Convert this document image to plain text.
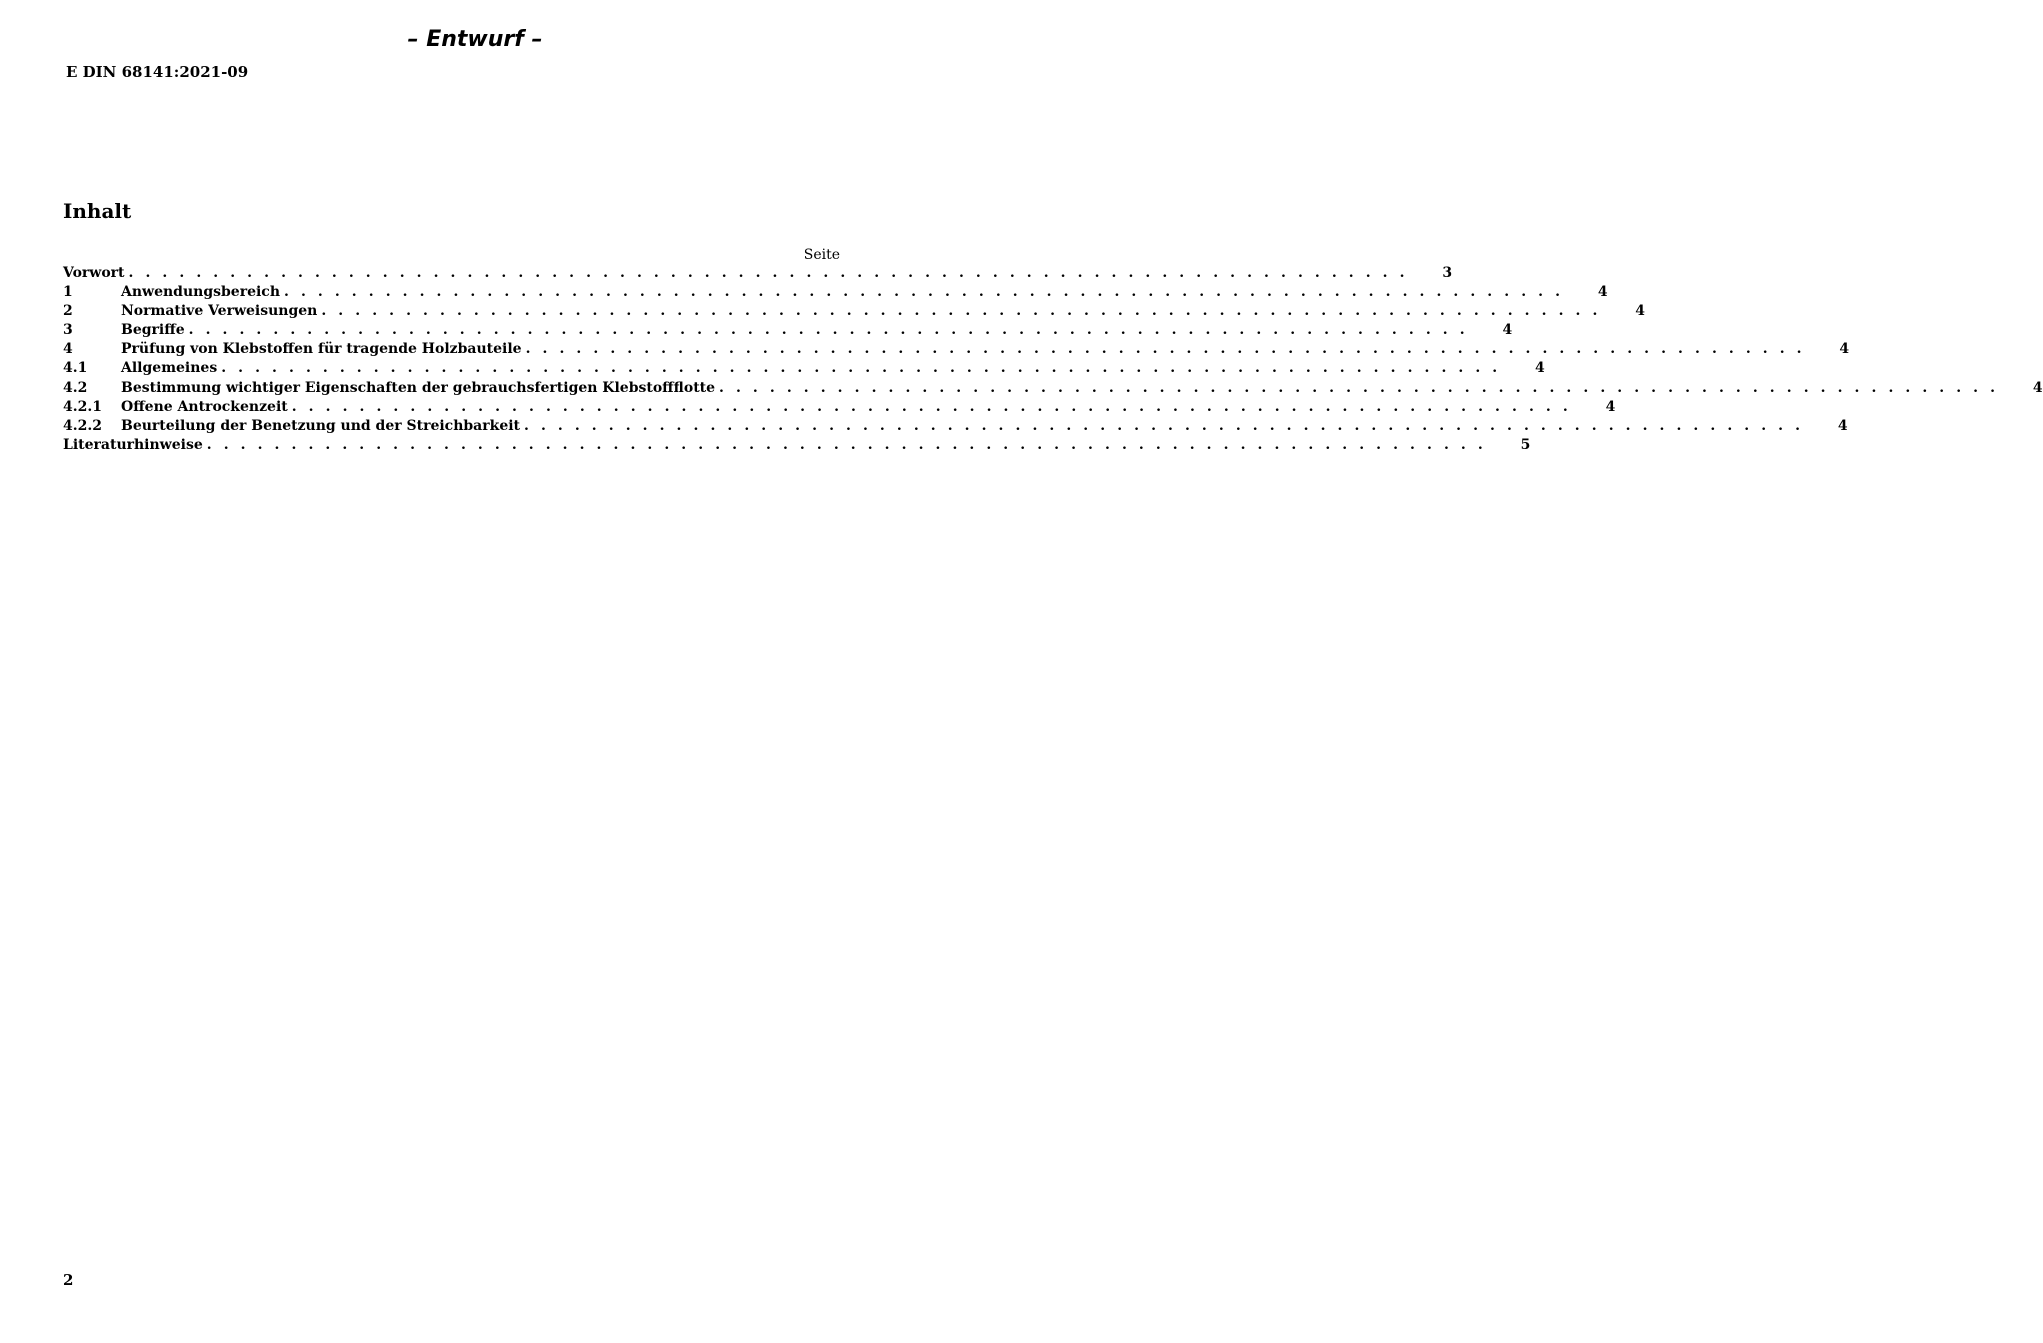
– Entwurf –
E DIN 68141:2021-09
Inhalt
Seite
Vorwort . . . . . . . . . . . . . . . . . . . . . . . . . . . . . . . . . . . . . . . . . . . . . . . . . . . . . . . . . . . . . . . . . . . . . . . . . . . .	3
1	Anwendungsbereich . . . . . . . . . . . . . . . . . . . . . . . . . . . . . . . . . . . . . . . . . . . . . . . . . . . . . . . . . . . . . . . . . . . . . . . . . . . .	4
2	Normative Verweisungen . . . . . . . . . . . . . . . . . . . . . . . . . . . . . . . . . . . . . . . . . . . . . . . . . . . . . . . . . . . . . . . . . . . . . . . . . . . .	4
3	Begriffe . . . . . . . . . . . . . . . . . . . . . . . . . . . . . . . . . . . . . . . . . . . . . . . . . . . . . . . . . . . . . . . . . . . . . . . . . . . .	4
4	Prüfung von Klebstoffen für tragende Holzbauteile . . . . . . . . . . . . . . . . . . . . . . . . . . . . . . . . . . . . . . . . . . . . . . . . . . . . . . . . . . . . . . . . . . . . . . . . . . . .	4
4.1	Allgemeines . . . . . . . . . . . . . . . . . . . . . . . . . . . . . . . . . . . . . . . . . . . . . . . . . . . . . . . . . . . . . . . . . . . . . . . . . . . .	4
4.2	Bestimmung wichtiger Eigenschaften der gebrauchsfertigen Klebstoffflotte . . . . . . . . . . . . . . . . . . . . . . . . . . . . . . . . . . . . . . . . . . . . . . . . . . . . . . . . . . . . . . . . . . . . . . . . . . . .	4
4.2.1	Offene Antrockenzeit . . . . . . . . . . . . . . . . . . . . . . . . . . . . . . . . . . . . . . . . . . . . . . . . . . . . . . . . . . . . . . . . . . . . . . . . . . . .	4
4.2.2	Beurteilung der Benetzung und der Streichbarkeit . . . . . . . . . . . . . . . . . . . . . . . . . . . . . . . . . . . . . . . . . . . . . . . . . . . . . . . . . . . . . . . . . . . . . . . . . . . .	4
Literaturhinweise . . . . . . . . . . . . . . . . . . . . . . . . . . . . . . . . . . . . . . . . . . . . . . . . . . . . . . . . . . . . . . . . . . . . . . . . . . . .	5
2
